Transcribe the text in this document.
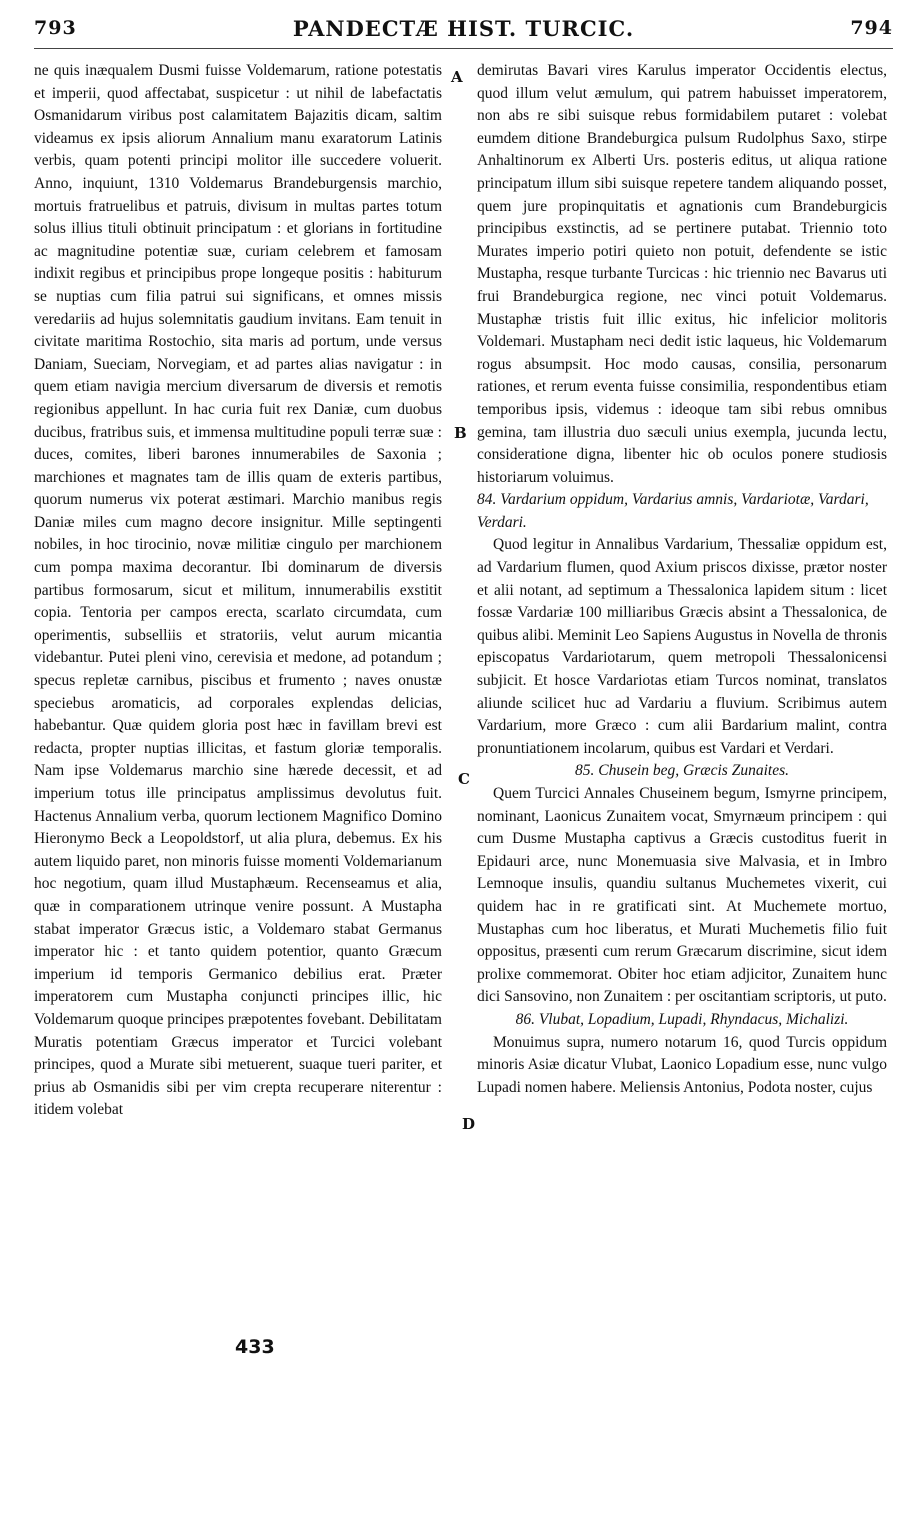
793	PANDECTÆ HIST. TURCIC.	794

ne quis inæqualem Dusmi fuisse Voldemarum, ratione potestatis et imperii, quod affectabat, suspicetur : ut nihil de labefactatis Osmanidarum viribus post calamitatem Bajazitis dicam, saltim videamus ex ipsis aliorum Annalium manu exaratorum Latinis verbis, quam potenti principi molitor ille succedere voluerit. Anno, inquiunt, 1310 Voldemarus Brandeburgensis marchio, mortuis fratruelibus et patruis, divisum in multas partes totum solus illius tituli obtinuit principatum : et glorians in fortitudine ac magnitudine potentiæ suæ, curiam celebrem et famosam indixit regibus et principibus prope longeque positis : habiturum se nuptias cum filia patrui sui significans, et omnes missis veredariis ad hujus solemnitatis gaudium invitans. Eam tenuit in civitate maritima Rostochio, sita maris ad portum, unde versus Daniam, Sueciam, Norvegiam, et ad partes alias navigatur : in quem etiam navigia mercium diversarum de diversis et remotis regionibus appellunt. In hac curia fuit rex Daniæ, cum duobus ducibus, fratribus suis, et immensa multitudine populi terræ suæ : duces, comites, liberi barones innumerabiles de Saxonia ; marchiones et magnates tam de illis quam de exteris partibus, quorum numerus vix poterat æstimari. Marchio manibus regis Daniæ miles cum magno decore insignitur. Mille septingenti nobiles, in hoc tirocinio, novæ militiæ cingulo per marchionem cum pompa maxima decorantur. Ibi dominarum de diversis partibus formosarum, sicut et militum, innumerabilis exstitit copia. Tentoria per campos erecta, scarlato circumdata, cum operimentis, subselliis et stratoriis, velut aurum micantia videbantur. Putei pleni vino, cerevisia et medone, ad potandum ; specus repletæ carnibus, piscibus et frumento ; naves onustæ speciebus aromaticis, ad corporales explendas delicias, habebantur. Quæ quidem gloria post hæc in favillam brevi est redacta, propter nuptias illicitas, et fastum gloriæ temporalis. Nam ipse Voldemarus marchio sine hærede decessit, et ad imperium totus ille principatus amplissimus devolutus fuit. Hactenus Annalium verba, quorum lectionem Magnifico Domino Hieronymo Beck a Leopoldstorf, ut alia plura, debemus. Ex his autem liquido paret, non minoris fuisse momenti Voldemarianum hoc negotium, quam illud Mustaphæum. Recenseamus et alia, quæ in comparationem utrinque venire possunt. A Mustapha stabat imperator Græcus istic, a Voldemaro stabat Germanus imperator hic : et tanto quidem potentior, quanto Græcum imperium id temporis Germanico debilius erat. Præter imperatorem cum Mustapha conjuncti principes illic, hic Voldemarum quoque principes præpotentes fovebant. Debilitatam Muratis potentiam Græcus imperator et Turcici volebant principes, quod a Murate sibi metuerent, suaque tueri pariter, et prius ab Osmanidis sibi per vim crepta recuperare niterentur : itidem volebat

A
B
C
D

demirutas Bavari vires Karulus imperator Occidentis electus, quod illum velut æmulum, qui patrem habuisset imperatorem, non abs re sibi suisque rebus formidabilem putaret : volebat eumdem ditione Brandeburgica pulsum Rudolphus Saxo, stirpe Anhaltinorum ex Alberti Urs. posteris editus, ut aliqua ratione principatum illum sibi suisque repetere tandem aliquando posset, quem jure propinquitatis et agnationis cum Brandeburgicis principibus exstinctis, ad se pertinere putabat. Triennio toto Murates imperio potiri quieto non potuit, defendente se istic Mustapha, resque turbante Turcicas : hic triennio nec Bavarus uti frui Brandeburgica regione, nec vinci potuit Voldemarus. Mustaphæ tristis fuit illic exitus, hic infelicior molitoris Voldemari. Mustapham neci dedit istic laqueus, hic Voldemarum rogus absumpsit. Hoc modo causas, consilia, personarum rationes, et rerum eventa fuisse consimilia, respondentibus etiam temporibus ipsis, videmus : ideoque tam sibi rebus omnibus gemina, tam illustria duo sæculi unius exempla, jucunda lectu, consideratione digna, libenter hic ob oculos ponere studiosis historiarum voluimus.

84. Vardarium oppidum, Vardarius amnis, Vardariotæ, Vardari, Verdari.

Quod legitur in Annalibus Vardarium, Thessaliæ oppidum est, ad Vardarium flumen, quod Axium priscos dixisse, prætor noster et alii notant, ad septimum a Thessalonica lapidem situm : licet fossæ Vardariæ 100 milliaribus Græcis absint a Thessalonica, de quibus alibi. Meminit Leo Sapiens Augustus in Novella de thronis episcopatus Vardariotarum, quem metropoli Thessalonicensi subjicit. Et hosce Vardariotas etiam Turcos nominat, translatos aliunde scilicet huc ad Vardariu a fluvium. Scribimus autem Vardarium, more Græco : cum alii Bardarium malint, contra pronuntiationem incolarum, quibus est Vardari et Verdari.

85. Chusein beg, Græcis Zunaites.

Quem Turcici Annales Chuseinem begum, Ismyrne principem, nominant, Laonicus Zunaitem vocat, Smyrnæum principem : qui cum Dusme Mustapha captivus a Græcis custoditus fuerit in Epidauri arce, nunc Monemuasia sive Malvasia, et in Imbro Lemnoque insulis, quandiu sultanus Muchemetes vixerit, cui quidem hac in re gratificati sint. At Muchemete mortuo, Mustaphas cum hoc liberatus, et Murati Muchemetis filio fuit oppositus, præsenti cum rerum Græcarum discrimine, sicut idem prolixe commemorat. Obiter hoc etiam adjicitor, Zunaitem hunc dici Sansovino, non Zunaitem : per oscitantiam scriptoris, ut puto.

86. Vlubat, Lopadium, Lupadi, Rhyndacus, Michalizi.

Monuimus supra, numero notarum 16, quod Turcis oppidum minoris Asiæ dicatur Vlubat, Laonico Lopadium esse, nunc vulgo Lupadi nomen habere. Meliensis Antonius, Podota noster, cujus

433
